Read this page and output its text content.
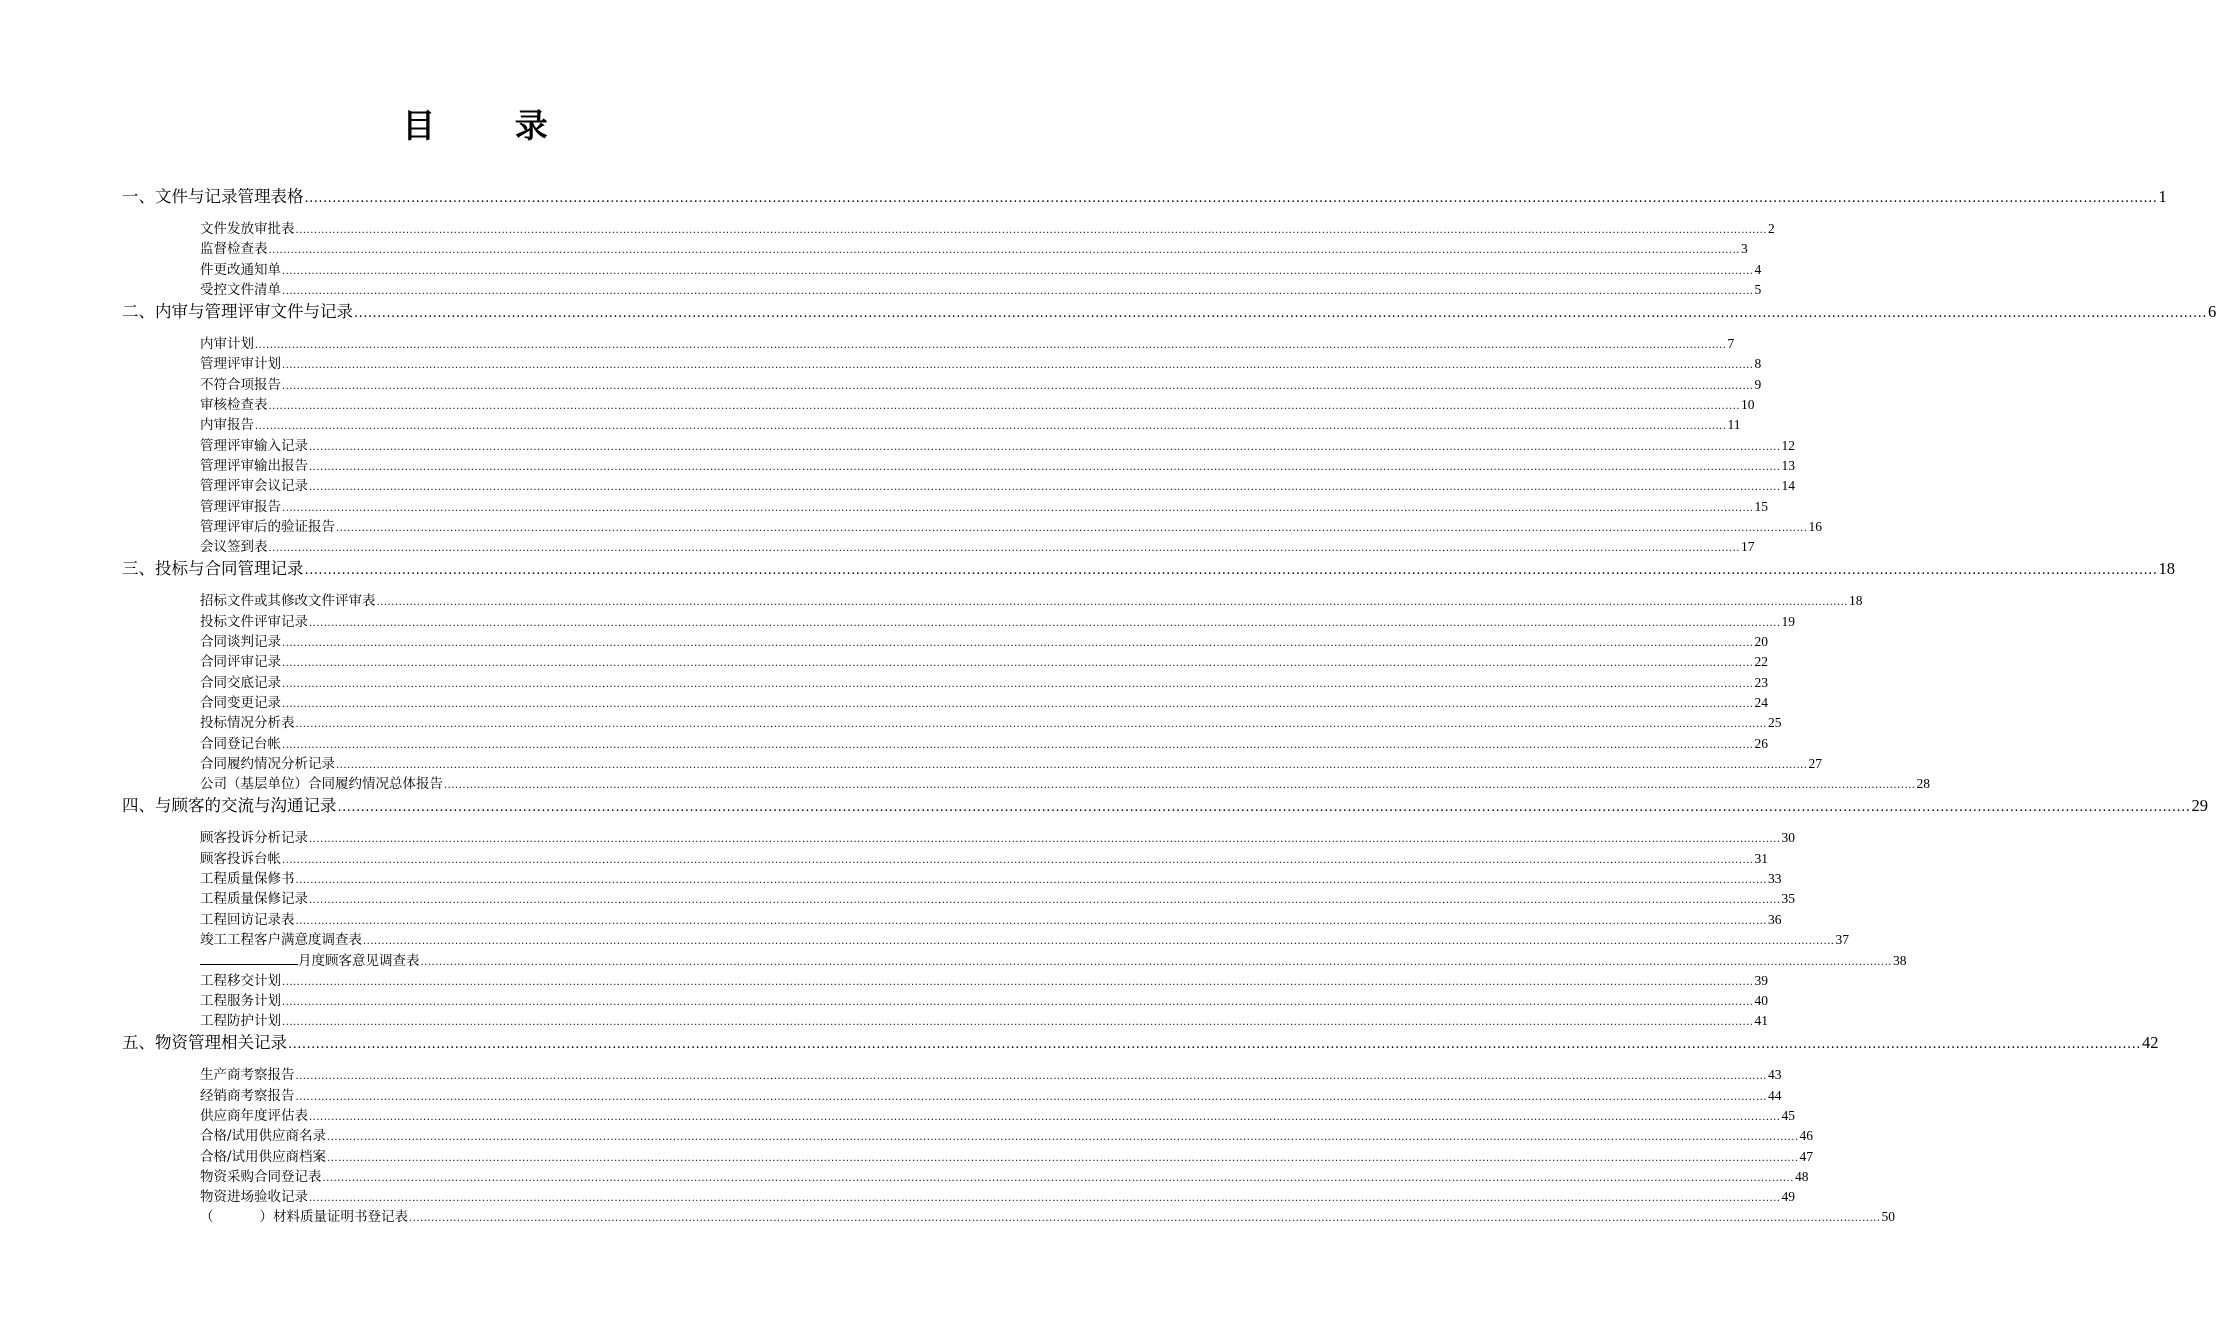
目 录
一、文件与记录管理表格 ................................................................................................................................................................................................................................................................................................................................................................................................................ 1
文件发放审批表 ................................................................................................................................................................................................................................................................................................................................................................................................................ 2
监督检查表 ................................................................................................................................................................................................................................................................................................................................................................................................................ 3
件更改通知单 ................................................................................................................................................................................................................................................................................................................................................................................................................ 4
受控文件清单 ................................................................................................................................................................................................................................................................................................................................................................................................................ 5
二、内审与管理评审文件与记录 ................................................................................................................................................................................................................................................................................................................................................................................................................ 6
内审计划 ................................................................................................................................................................................................................................................................................................................................................................................................................ 7
管理评审计划 ................................................................................................................................................................................................................................................................................................................................................................................................................ 8
不符合项报告 ................................................................................................................................................................................................................................................................................................................................................................................................................ 9
审核检查表 ................................................................................................................................................................................................................................................................................................................................................................................................................ 10
内审报告 ................................................................................................................................................................................................................................................................................................................................................................................................................ 11
管理评审输入记录 ................................................................................................................................................................................................................................................................................................................................................................................................................ 12
管理评审输出报告 ................................................................................................................................................................................................................................................................................................................................................................................................................ 13
管理评审会议记录 ................................................................................................................................................................................................................................................................................................................................................................................................................ 14
管理评审报告 ................................................................................................................................................................................................................................................................................................................................................................................................................ 15
管理评审后的验证报告 ................................................................................................................................................................................................................................................................................................................................................................................................................ 16
会议签到表 ................................................................................................................................................................................................................................................................................................................................................................................................................ 17
三、投标与合同管理记录 ................................................................................................................................................................................................................................................................................................................................................................................................................ 18
招标文件或其修改文件评审表 ................................................................................................................................................................................................................................................................................................................................................................................................................ 18
投标文件评审记录 ................................................................................................................................................................................................................................................................................................................................................................................................................ 19
合同谈判记录 ................................................................................................................................................................................................................................................................................................................................................................................................................ 20
合同评审记录 ................................................................................................................................................................................................................................................................................................................................................................................................................ 22
合同交底记录 ................................................................................................................................................................................................................................................................................................................................................................................................................ 23
合同变更记录 ................................................................................................................................................................................................................................................................................................................................................................................................................ 24
投标情况分析表 ................................................................................................................................................................................................................................................................................................................................................................................................................ 25
合同登记台帐 ................................................................................................................................................................................................................................................................................................................................................................................................................ 26
合同履约情况分析记录 ................................................................................................................................................................................................................................................................................................................................................................................................................ 27
公司（基层单位）合同履约情况总体报告 ................................................................................................................................................................................................................................................................................................................................................................................................................ 28
四、与顾客的交流与沟通记录 ................................................................................................................................................................................................................................................................................................................................................................................................................ 29
顾客投诉分析记录 ................................................................................................................................................................................................................................................................................................................................................................................................................ 30
顾客投诉台帐 ................................................................................................................................................................................................................................................................................................................................................................................................................ 31
工程质量保修书 ................................................................................................................................................................................................................................................................................................................................................................................................................ 33
工程质量保修记录 ................................................................................................................................................................................................................................................................................................................................................................................................................ 35
工程回访记录表 ................................................................................................................................................................................................................................................................................................................................................................................................................ 36
竣工工程客户满意度调查表 ................................................................................................................................................................................................................................................................................................................................................................................................................ 37
月度顾客意见调查表 ................................................................................................................................................................................................................................................................................................................................................................................................................ 38
工程移交计划 ................................................................................................................................................................................................................................................................................................................................................................................................................ 39
工程服务计划 ................................................................................................................................................................................................................................................................................................................................................................................................................ 40
工程防护计划 ................................................................................................................................................................................................................................................................................................................................................................................................................ 41
五、物资管理相关记录 ................................................................................................................................................................................................................................................................................................................................................................................................................ 42
生产商考察报告 ................................................................................................................................................................................................................................................................................................................................................................................................................ 43
经销商考察报告 ................................................................................................................................................................................................................................................................................................................................................................................................................ 44
供应商年度评估表 ................................................................................................................................................................................................................................................................................................................................................................................................................ 45
合格/试用供应商名录 ................................................................................................................................................................................................................................................................................................................................................................................................................ 46
合格/试用供应商档案 ................................................................................................................................................................................................................................................................................................................................................................................................................ 47
物资采购合同登记表 ................................................................................................................................................................................................................................................................................................................................................................................................................ 48
物资进场验收记录 ................................................................................................................................................................................................................................................................................................................................................................................................................ 49
（	）材料质量证明书登记表 ................................................................................................................................................................................................................................................................................................................................................................................................................ 50
